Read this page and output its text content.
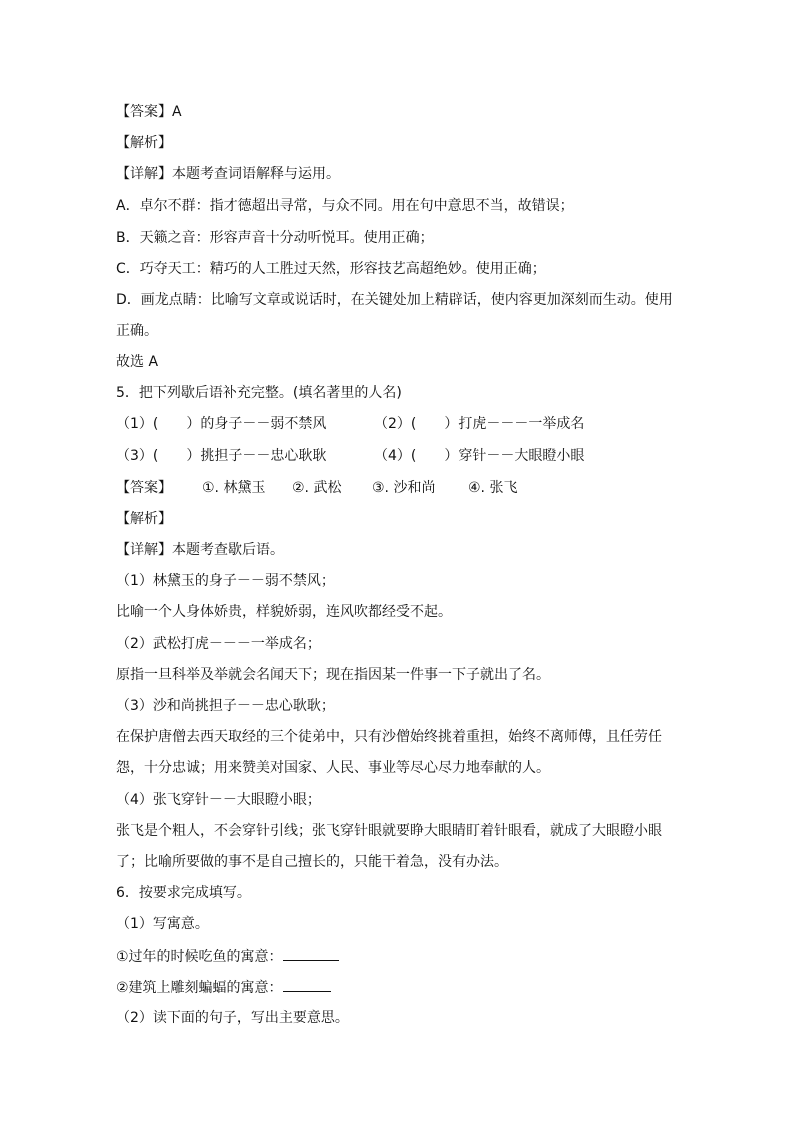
【答案】A
【解析】
【详解】本题考查词语解释与运用。
A．卓尔不群：指才德超出寻常，与众不同。用在句中意思不当，故错误；
B．天籁之音：形容声音十分动听悦耳。使用正确；
C．巧夺天工：精巧的人工胜过天然，形容技艺高超绝妙。使用正确；
D．画龙点睛：比喻写文章或说话时，在关键处加上精辟话，使内容更加深刻而生动。使用
正确。
故选 A
5．把下列歇后语补充完整。(填名著里的人名)
（1）(　　）的身子－－弱不禁风	（2）(　　）打虎－－－一举成名
（3）(　　）挑担子－－忠心耿耿	（4）(　　）穿针－－大眼瞪小眼
【答案】 ①. 林黛玉 ②. 武松 ③. 沙和尚 ④. 张飞
【解析】
【详解】本题考查歇后语。
（1）林黛玉的身子－－弱不禁风；
比喻一个人身体娇贵，样貌娇弱，连风吹都经受不起。
（2）武松打虎－－－一举成名；
原指一旦科举及举就会名闻天下；现在指因某一件事一下子就出了名。
（3）沙和尚挑担子－－忠心耿耿；
在保护唐僧去西天取经的三个徒弟中，只有沙僧始终挑着重担，始终不离师傅，且任劳任
怨，十分忠诚；用来赞美对国家、人民、事业等尽心尽力地奉献的人。
（4）张飞穿针－－大眼瞪小眼；
张飞是个粗人，不会穿针引线；张飞穿针眼就要睁大眼睛盯着针眼看，就成了大眼瞪小眼
了；比喻所要做的事不是自己擅长的，只能干着急，没有办法。
6．按要求完成填写。
（1）写寓意。
①过年的时候吃鱼的寓意：
②建筑上雕刻蝙蝠的寓意：
（2）读下面的句子，写出主要意思。
